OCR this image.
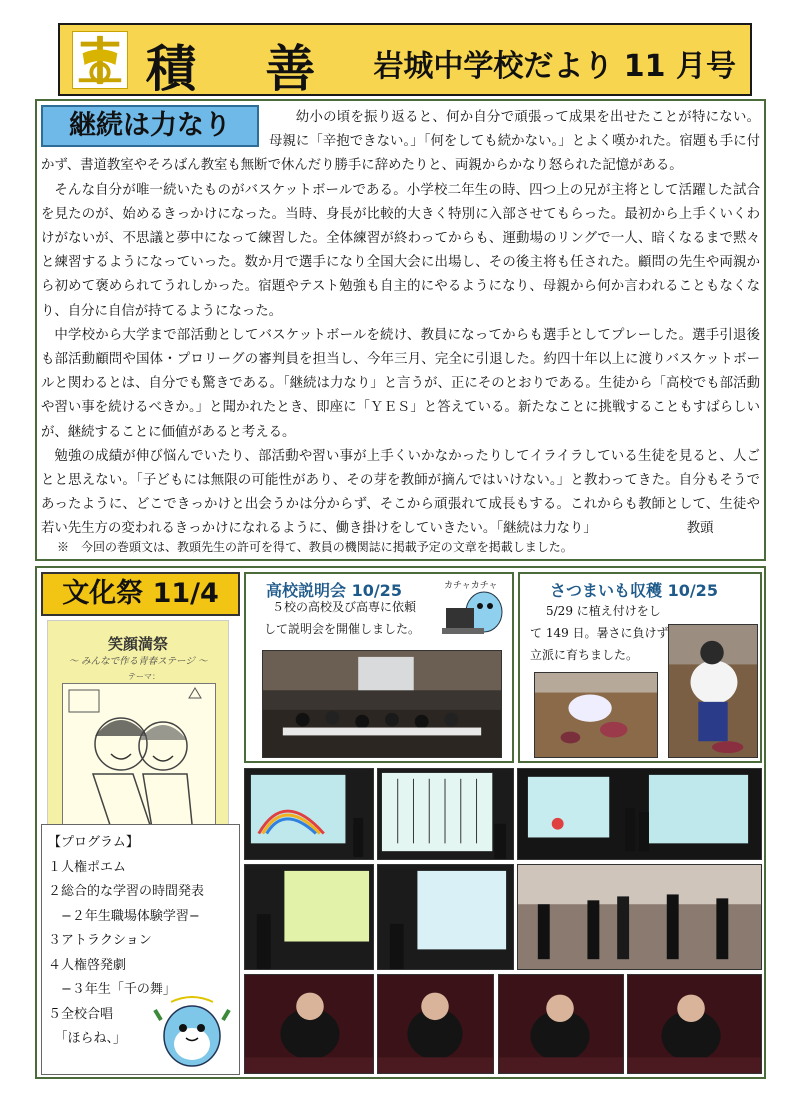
積 善 岩城中学校だより 11 月号

幼小の頃を振り返ると、何か自分で頑張って成果を出せたことが特にない。母親に「辛抱できない。」「何をしても続かない。」とよく嘆かれた。宿題も手に付かず、書道教室やそろばん教室も無断で休んだり勝手に辞めたりと、両親からかなり怒られた記憶がある。

そんな自分が唯一続いたものがバスケットボールである。小学校二年生の時、四つ上の兄が主将として活躍した試合を見たのが、始めるきっかけになった。当時、身長が比較的大きく特別に入部させてもらった。最初から上手くいくわけがないが、不思議と夢中になって練習した。全体練習が終わってからも、運動場のリングで一人、暗くなるまで黙々と練習するようになっていった。数か月で選手になり全国大会に出場し、その後主将も任された。顧問の先生や両親から初めて褒められてうれしかった。宿題やテスト勉強も自主的にやるようになり、母親から何か言われることもなくなり、自分に自信が持てるようになった。

中学校から大学まで部活動としてバスケットボールを続け、教員になってからも選手としてプレーした。選手引退後も部活動顧問や国体・プロリーグの審判員を担当し、今年三月、完全に引退した。約四十年以上に渡りバスケットボールと関わるとは、自分でも驚きである。「継続は力なり」と言うが、正にそのとおりである。生徒から「高校でも部活動や習い事を続けるべきか。」と聞かれたとき、即座に「ＹＥＳ」と答えている。新たなことに挑戦することもすばらしいが、継続することに価値があると考える。

勉強の成績が伸び悩んでいたり、部活動や習い事が上手くいかなかったりしてイライラしている生徒を見ると、人ごとと思えない。「子どもには無限の可能性があり、その芽を教師が摘んではいけない。」と教わってきた。自分もそうであったように、どこできっかけと出会うかは分からず、そこから頑張れて成長もする。これからも教師として、生徒や若い先生方の変われるきっかけになれるように、働き掛けをしていきたい。「継続は力なり」	教頭

継続は力なり
※　今回の巻頭文は、教頭先生の許可を得て、教員の機関誌に掲載予定の文章を掲載しました。
文化祭 11/4
笑顔満祭
〜 みんなで作る青春ステージ 〜
テーマ：
【プログラム】
１人権ポエム
２総合的な学習の時間発表
　−２年生職場体験学習−
３アトラクション
４人権啓発劇
　−３年生「千の舞」
５全校合唱
　「ほらね、」
高校説明会 10/25
５校の高校及び高専に依頼
して説明会を開催しました。
カチャカチャ	さつまいも収穫 10/25
5/29 に植え付けをし
て 149 日。暑さに負けず
立派に育ちました。
